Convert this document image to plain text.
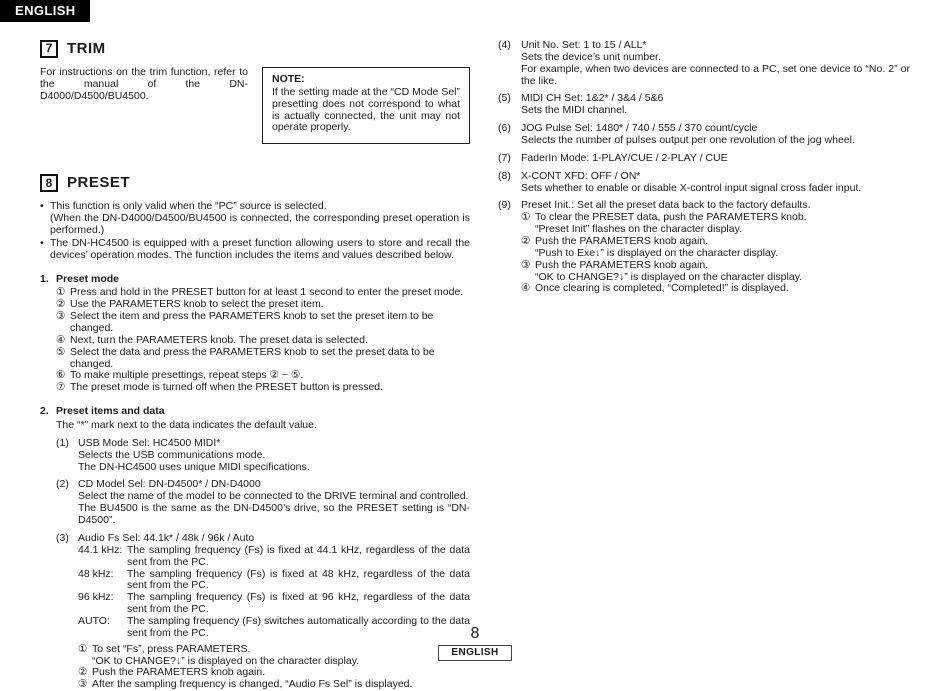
ENGLISH
7 TRIM
For instructions on the trim function, refer to the manual of the DN-D4000/D4500/BU4500.
NOTE:
If the setting made at the “CD Mode Sel” presetting does not correspond to what is actually connected, the unit may not operate properly.
8 PRESET
• This function is only valid when the “PC” source is selected.
(When the DN-D4000/D4500/BU4500 is connected, the corresponding preset operation is performed.)
• The DN-HC4500 is equipped with a preset function allowing users to store and recall the devices’ operation modes. The function includes the items and values described below.
1. Preset mode
① Press and hold in the PRESET button for at least 1 second to enter the preset mode.
② Use the PARAMETERS knob to select the preset item.
③ Select the item and press the PARAMETERS knob to set the preset item to be changed.
④ Next, turn the PARAMETERS knob. The preset data is selected.
⑤ Select the data and press the PARAMETERS knob to set the preset data to be changed.
⑥ To make multiple presettings, repeat steps ② ~ ⑤.
⑦ The preset mode is turned off when the PRESET button is pressed.
2. Preset items and data
The “*” mark next to the data indicates the default value.
(1) USB Mode Sel: HC4500 MIDI*
Selects the USB communications mode.
The DN-HC4500 uses unique MIDI specifications.
(2) CD Model Sel: DN-D4500* / DN-D4000
Select the name of the model to be connected to the DRIVE terminal and controlled.
The BU4500 is the same as the DN-D4500’s drive, so the PRESET setting is “DN-D4500”.
(3) Audio Fs Sel: 44.1k* / 48k / 96k / Auto
44.1 kHz: The sampling frequency (Fs) is fixed at 44.1 kHz, regardless of the data sent from the PC.
48 kHz:	The sampling frequency (Fs) is fixed at 48 kHz, regardless of the data sent from the PC.
96 kHz:	The sampling frequency (Fs) is fixed at 96 kHz, regardless of the data sent from the PC.
AUTO:	The sampling frequency (Fs) switches automatically according to the data sent from the PC.
① To set “Fs”, press PARAMETERS.
“OK to CHANGE?↓” is displayed on the character display.
② Push the PARAMETERS knob again.
③ After the sampling frequency is changed, “Audio Fs Sel” is displayed.
(4) Unit No. Set: 1 to 15 / ALL*
Sets the device’s unit number.
For example, when two devices are connected to a PC, set one device to “No. 2” or the like.
(5) MIDI CH Set: 1&2* / 3&4 / 5&6
Sets the MIDI channel.
(6) JOG Pulse Sel: 1480* / 740 / 555 / 370 count/cycle
Selects the number of pulses output per one revolution of the jog wheel.
(7) FaderIn Mode: 1-PLAY/CUE / 2-PLAY / CUE
(8) X-CONT XFD: OFF / ON*
Sets whether to enable or disable X-control input signal cross fader input.
(9) Preset Init.: Set all the preset data back to the factory defaults.
① To clear the PRESET data, push the PARAMETERS knob.
“Preset Init” flashes on the character display.
② Push the PARAMETERS knob again.
“Push to Exe↓” is displayed on the character display.
③ Push the PARAMETERS knob again.
“OK to CHANGE?↓” is displayed on the character display.
④ Once clearing is completed, “Completed!” is displayed.
8
ENGLISH
